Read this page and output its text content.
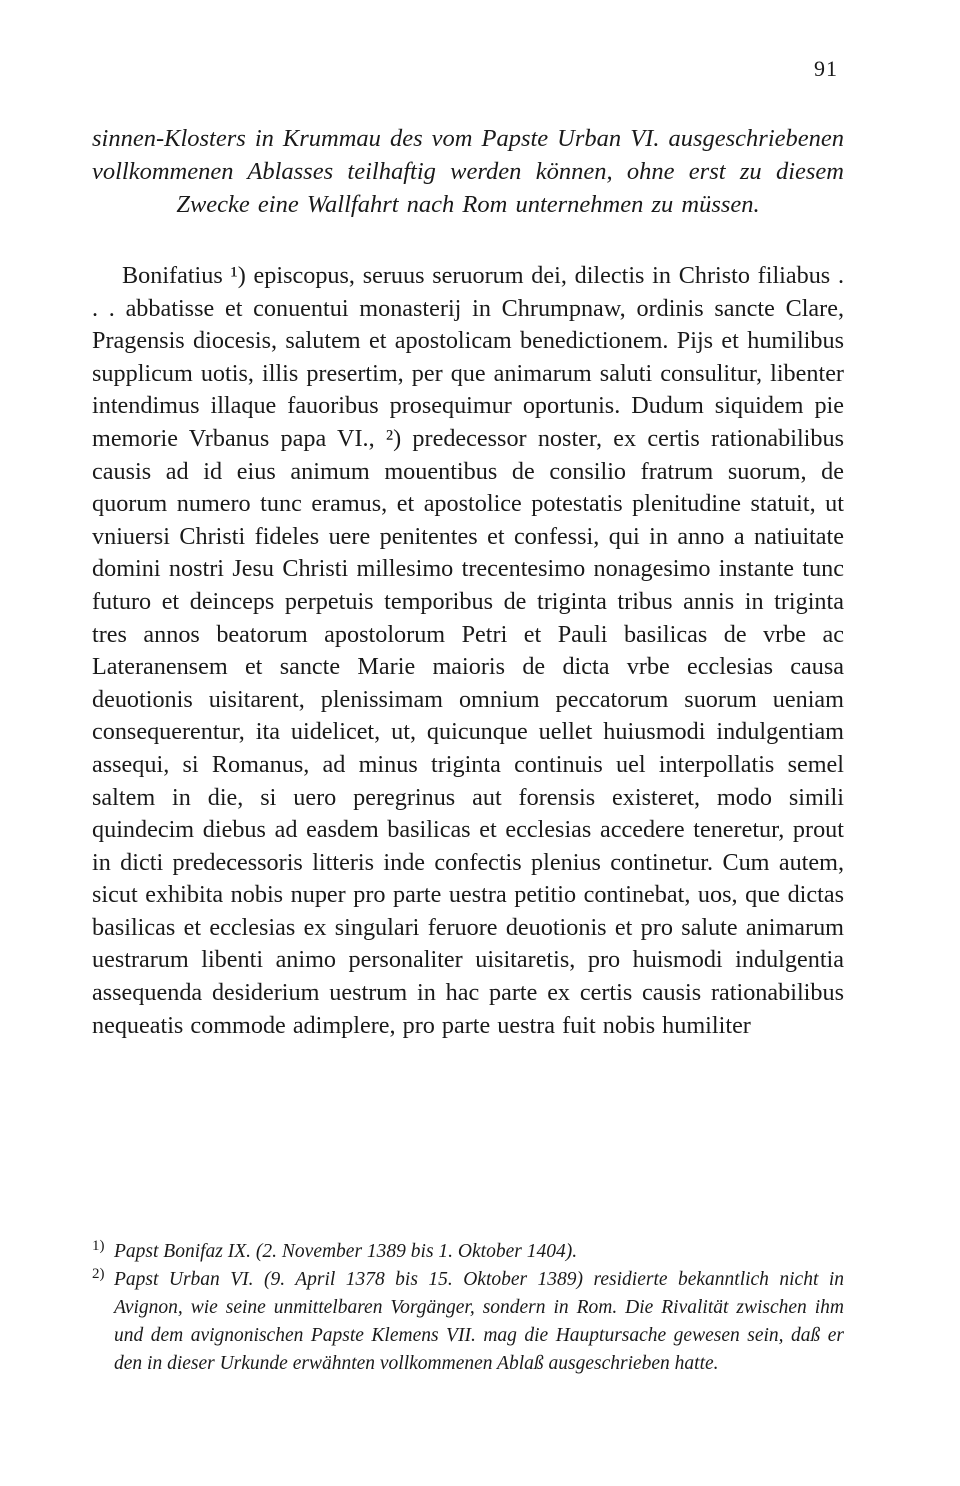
91
sinnen-Klosters in Krummau des vom Papste Urban VI. ausgeschriebenen vollkommenen Ablasses teilhaftig werden können, ohne erst zu diesem Zwecke eine Wallfahrt nach Rom unternehmen zu müssen.

Bonifatius ¹) episcopus, seruus seruorum dei, dilectis in Christo filiabus . . . abbatisse et conuentui monasterij in Chrumpnaw, ordinis sancte Clare, Pragensis diocesis, salutem et apostolicam benedictionem. Pijs et humilibus supplicum uotis, illis presertim, per que animarum saluti consulitur, libenter intendimus illaque fauoribus prosequimur oportunis. Dudum siquidem pie memorie Vrbanus papa VI., ²) predecessor noster, ex certis rationabilibus causis ad id eius animum mouentibus de consilio fratrum suorum, de quorum numero tunc eramus, et apostolice potestatis plenitudine statuit, ut vniuersi Christi fideles uere penitentes et confessi, qui in anno a natiuitate domini nostri Jesu Christi millesimo trecentesimo nonagesimo instante tunc futuro et deinceps perpetuis temporibus de triginta tribus annis in triginta tres annos beatorum apostolorum Petri et Pauli basilicas de vrbe ac Lateranensem et sancte Marie maioris de dicta vrbe ecclesias causa deuotionis uisitarent, plenissimam omnium peccatorum suorum ueniam consequerentur, ita uidelicet, ut, quicunque uellet huiusmodi indulgentiam assequi, si Romanus, ad minus triginta continuis uel interpollatis semel saltem in die, si uero peregrinus aut forensis existeret, modo simili quindecim diebus ad easdem basilicas et ecclesias accedere teneretur, prout in dicti predecessoris litteris inde confectis plenius continetur. Cum autem, sicut exhibita nobis nuper pro parte uestra petitio continebat, uos, que dictas basilicas et ecclesias ex singulari feruore deuotionis et pro salute animarum uestrarum libenti animo personaliter uisitaretis, pro huismodi indulgentia assequenda desiderium uestrum in hac parte ex certis causis rationabilibus nequeatis commode adimplere, pro parte uestra fuit nobis humiliter

1) Papst Bonifaz IX. (2. November 1389 bis 1. Oktober 1404).

2) Papst Urban VI. (9. April 1378 bis 15. Oktober 1389) residierte bekanntlich nicht in Avignon, wie seine unmittelbaren Vorgänger, sondern in Rom. Die Rivalität zwischen ihm und dem avignonischen Papste Klemens VII. mag die Hauptursache gewesen sein, daß er den in dieser Urkunde erwähnten vollkommenen Ablaß ausgeschrieben hatte.
